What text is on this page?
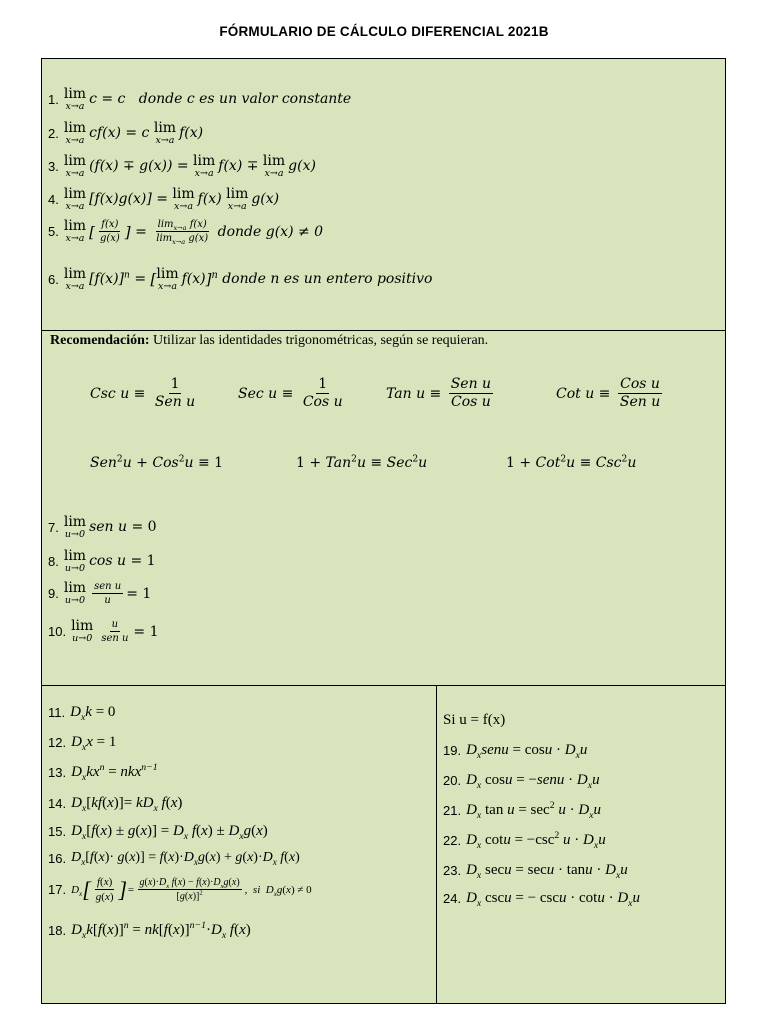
FÓRMULARIO DE CÁLCULO DIFERENCIAL 2021B
1. lim
x→a c = c   donde c es un valor constante
2. lim
x→a cf(x) = c lim
x→a f(x)
3. lim
x→a (f(x) ∓ g(x)) = lim
x→a f(x) ∓ lim
x→a g(x)
4. lim
x→a [f(x)g(x)] = lim
x→a f(x) lim
x→a g(x)
5. lim
x→a [ $\frac{f(x)}{g(x)}$ ] = $\frac{\lim_{x\to a} f(x)}{\lim_{x\to a} g(x)}$ donde g(x) ≠ 0
6. lim
x→a $[f(x)]^n$ = [ lim
x→a f(x) ]$^n$ donde n es un entero positivo
Recomendación: Utilizar las identidades trigonométricas, según se requieran.
Csc $u \equiv \frac{1}{\text{Sen u}}$	Sec $u \equiv \frac{1}{\text{Cos u}}$	Tan $u \equiv \frac{\text{Sen u}}{\text{Cos u}}$	Cot $u \equiv \frac{\text{Cos u}}{\text{Sen u}}$
Sen$^2$u + Cos$^2$u ≡ 1	1 + Tan$^2$u ≡ Sec$^2$u	1 + Cot$^2$u ≡ Csc$^2$u
7. lim
u→0 sen u = 0
8. lim
u→0 cos u = 1
9. lim
$u\to 0 \frac{\text{sen u}}{u} = 1$
10. lim
$u\to 0 \frac{u}{\text{sen u}} = 1$
11. $D_xk = 0$
12. $D_xx = 1$
13. $D_xkx^n = nkx^{n-1}$
14. $D_x[kf(x)]= kD_x$ f(x)
15. $D_x[f(x) \pm g(x)] = D_x$ $f(x) \pm D_xg(x)$
16. $D_x[f(x)\cdot g(x)] = f(x)\cdot D_xg(x) + g(x)\cdot D_x$ f(x)
17. $D_x$ [ $\frac{f(x)}{g(x)}$ ] = $\frac{g(x)\cdot D_x f(x) - f(x)\cdot D_xg(x)}{[g(x)]^2}$ ,  si  $D_xg(x) \ne 0$
18. $D_xk[f(x)]^n = nk[f(x)]^{n-1}\cdot D_x$ f(x)
Si u = f(x)
19. $D_xsenu = \cos u \cdot D_xu$
20. $D_x$ cosu = −senu · $D_xu$
21. $D_x$ $\tan u = \sec^2 u \cdot D_xu$
22. $D_x$ $\cot u = -\csc^2$ $u \cdot D_xu$
23. $D_x$ $\sec u = \sec u \cdot \tan u \cdot D_xu$
24. $D_x$ cscu = − $\csc u \cdot \cot u \cdot D_xu$
